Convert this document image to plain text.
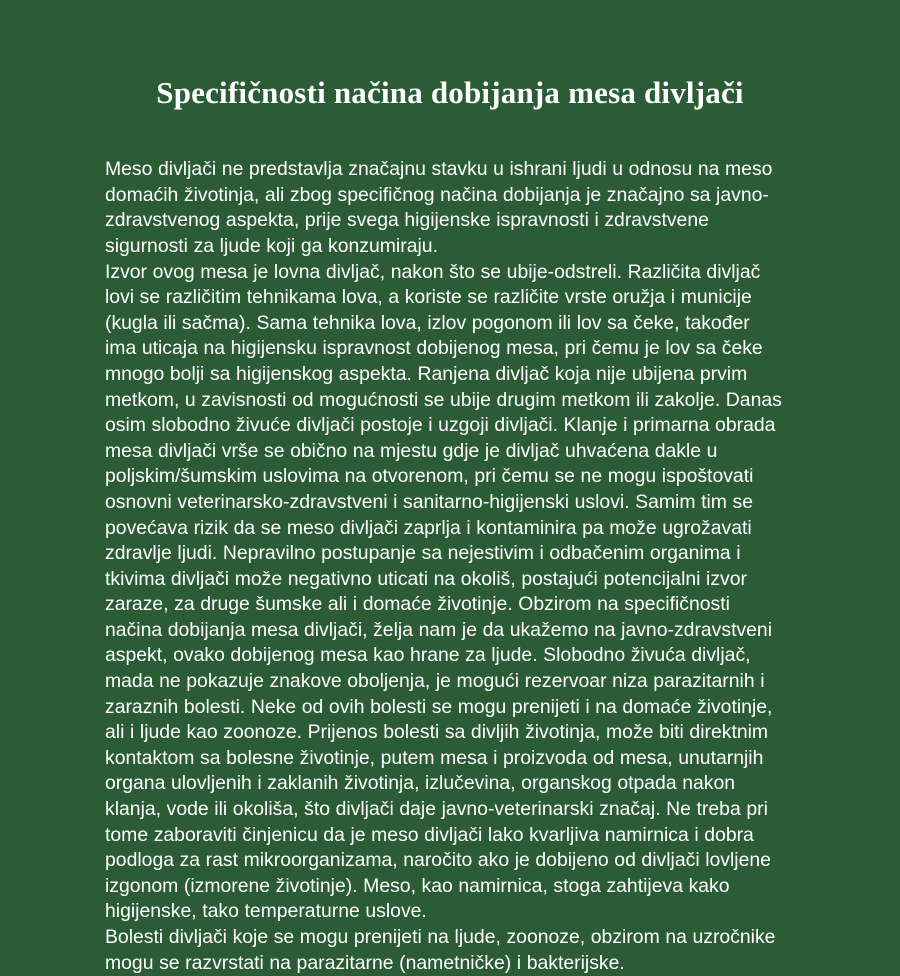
Specifičnosti načina dobijanja mesa divljači

Meso divljači ne predstavlja značajnu stavku u ishrani ljudi u odnosu na meso domaćih životinja, ali zbog specifičnog načina dobijanja je značajno sa javno-zdravstvenog aspekta, prije svega higijenske ispravnosti i zdravstvene sigurnosti za ljude koji ga konzumiraju.

Izvor ovog mesa je lovna divljač, nakon što se ubije-odstreli. Različita divljač lovi se različitim tehnikama lova, a koriste se različite vrste oružja i municije (kugla ili sačma). Sama tehnika lova, izlov pogonom ili lov sa čeke, također ima uticaja na higijensku ispravnost dobijenog mesa, pri čemu je lov sa čeke mnogo bolji sa higijenskog aspekta. Ranjena divljač koja nije ubijena prvim metkom, u zavisnosti od mogućnosti se ubije drugim metkom ili zakolje. Danas osim slobodno živuće divljači postoje i uzgoji divljači. Klanje i primarna obrada mesa divljači vrše se obično na mjestu gdje je divljač uhvaćena dakle u poljskim/šumskim uslovima na otvorenom, pri čemu se ne mogu ispoštovati osnovni veterinarsko-zdravstveni i sanitarno-higijenski uslovi. Samim tim se povećava rizik da se meso divljači zaprlja i kontaminira pa može ugrožavati zdravlje ljudi. Nepravilno postupanje sa nejestivim i odbačenim organima i tkivima divljači može negativno uticati na okoliš, postajući potencijalni izvor zaraze, za druge šumske ali i domaće životinje. Obzirom na specifičnosti načina dobijanja mesa divljači, želja nam je da ukažemo na javno-zdravstveni aspekt, ovako dobijenog mesa kao hrane za ljude. Slobodno živuća divljač, mada ne pokazuje znakove oboljenja, je mogući rezervoar niza parazitarnih i zaraznih bolesti. Neke od ovih bolesti se mogu prenijeti i na domaće životinje, ali i ljude kao zoonoze. Prijenos bolesti sa divljih životinja, može biti direktnim kontaktom sa bolesne životinje, putem mesa i proizvoda od mesa, unutarnjih organa ulovljenih i zaklanih životinja, izlučevina, organskog otpada nakon klanja, vode ili okoliša, što divljači daje javno-veterinarski značaj. Ne treba pri tome zaboraviti činjenicu da je meso divljači lako kvarljiva namirnica i dobra podloga za rast mikroorganizama, naročito ako je dobijeno od divljači lovljene izgonom (izmorene životinje). Meso, kao namirnica, stoga zahtijeva kako higijenske, tako temperaturne uslove.

Bolesti divljači koje se mogu prenijeti na ljude, zoonoze, obzirom na uzročnike mogu se razvrstati na parazitarne (nametničke) i bakterijske.
